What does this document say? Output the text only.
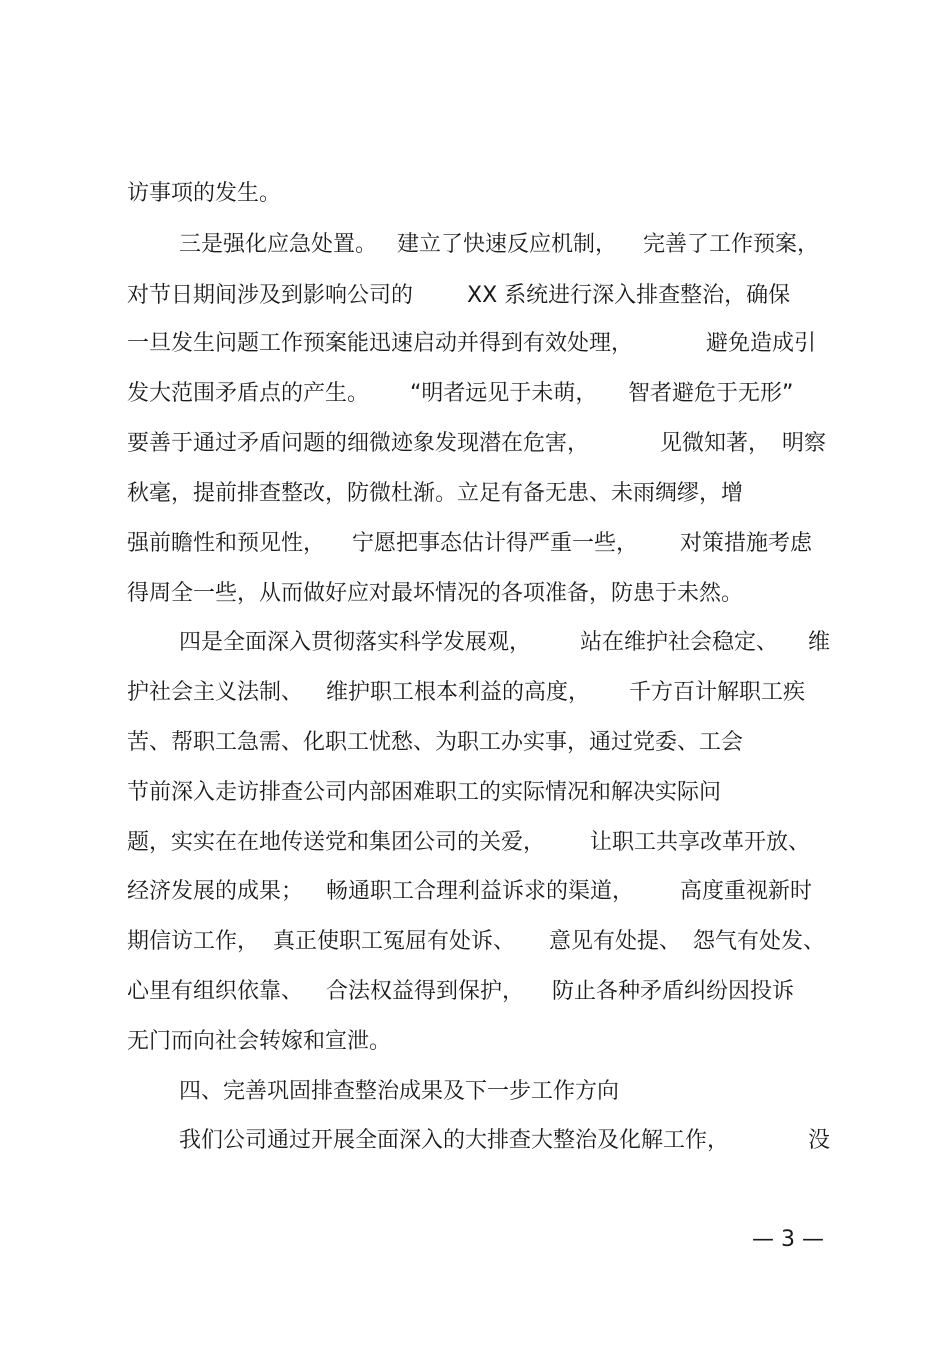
访事项的发生。

三是强化应急处置。

建立了快速反应机制，

完善了工作预案，

对节日期间涉及到影响公司的

XX 系统进行深入排查整治，确保

一旦发生问题工作预案能迅速启动并得到有效处理，

	避免造成引

发大范围矛盾点的产生。

“明者远见于未萌，

智者避危于无形”

要善于通过矛盾问题的细微迹象发现潜在危害，

	见微知著，

明察

秋毫，提前排查整改，防微杜渐。立足有备无患、未雨绸缪，增

强前瞻性和预见性，

宁愿把事态估计得严重一些，

对策措施考虑

得周全一些，从而做好应对最坏情况的各项准备，防患于未然。

四是全面深入贯彻落实科学发展观，

站在维护社会稳定、

维

护社会主义法制、

维护职工根本利益的高度，

千方百计解职工疾

苦、帮职工急需、化职工忧愁、为职工办实事，通过党委、工会

节前深入走访排查公司内部困难职工的实际情况和解决实际问

题，实实在在地传送党和集团公司的关爱，

让职工共享改革开放、

经济发展的成果；

畅通职工合理利益诉求的渠道，

高度重视新时

期信访工作，

真正使职工冤屈有处诉、

意见有处提、

怨气有处发、

心里有组织依靠、

合法权益得到保护，

防止各种矛盾纠纷因投诉

无门而向社会转嫁和宣泄。

四、完善巩固排查整治成果及下一步工作方向

我们公司通过开展全面深入的大排查大整治及化解工作，

	没

— 3 —
